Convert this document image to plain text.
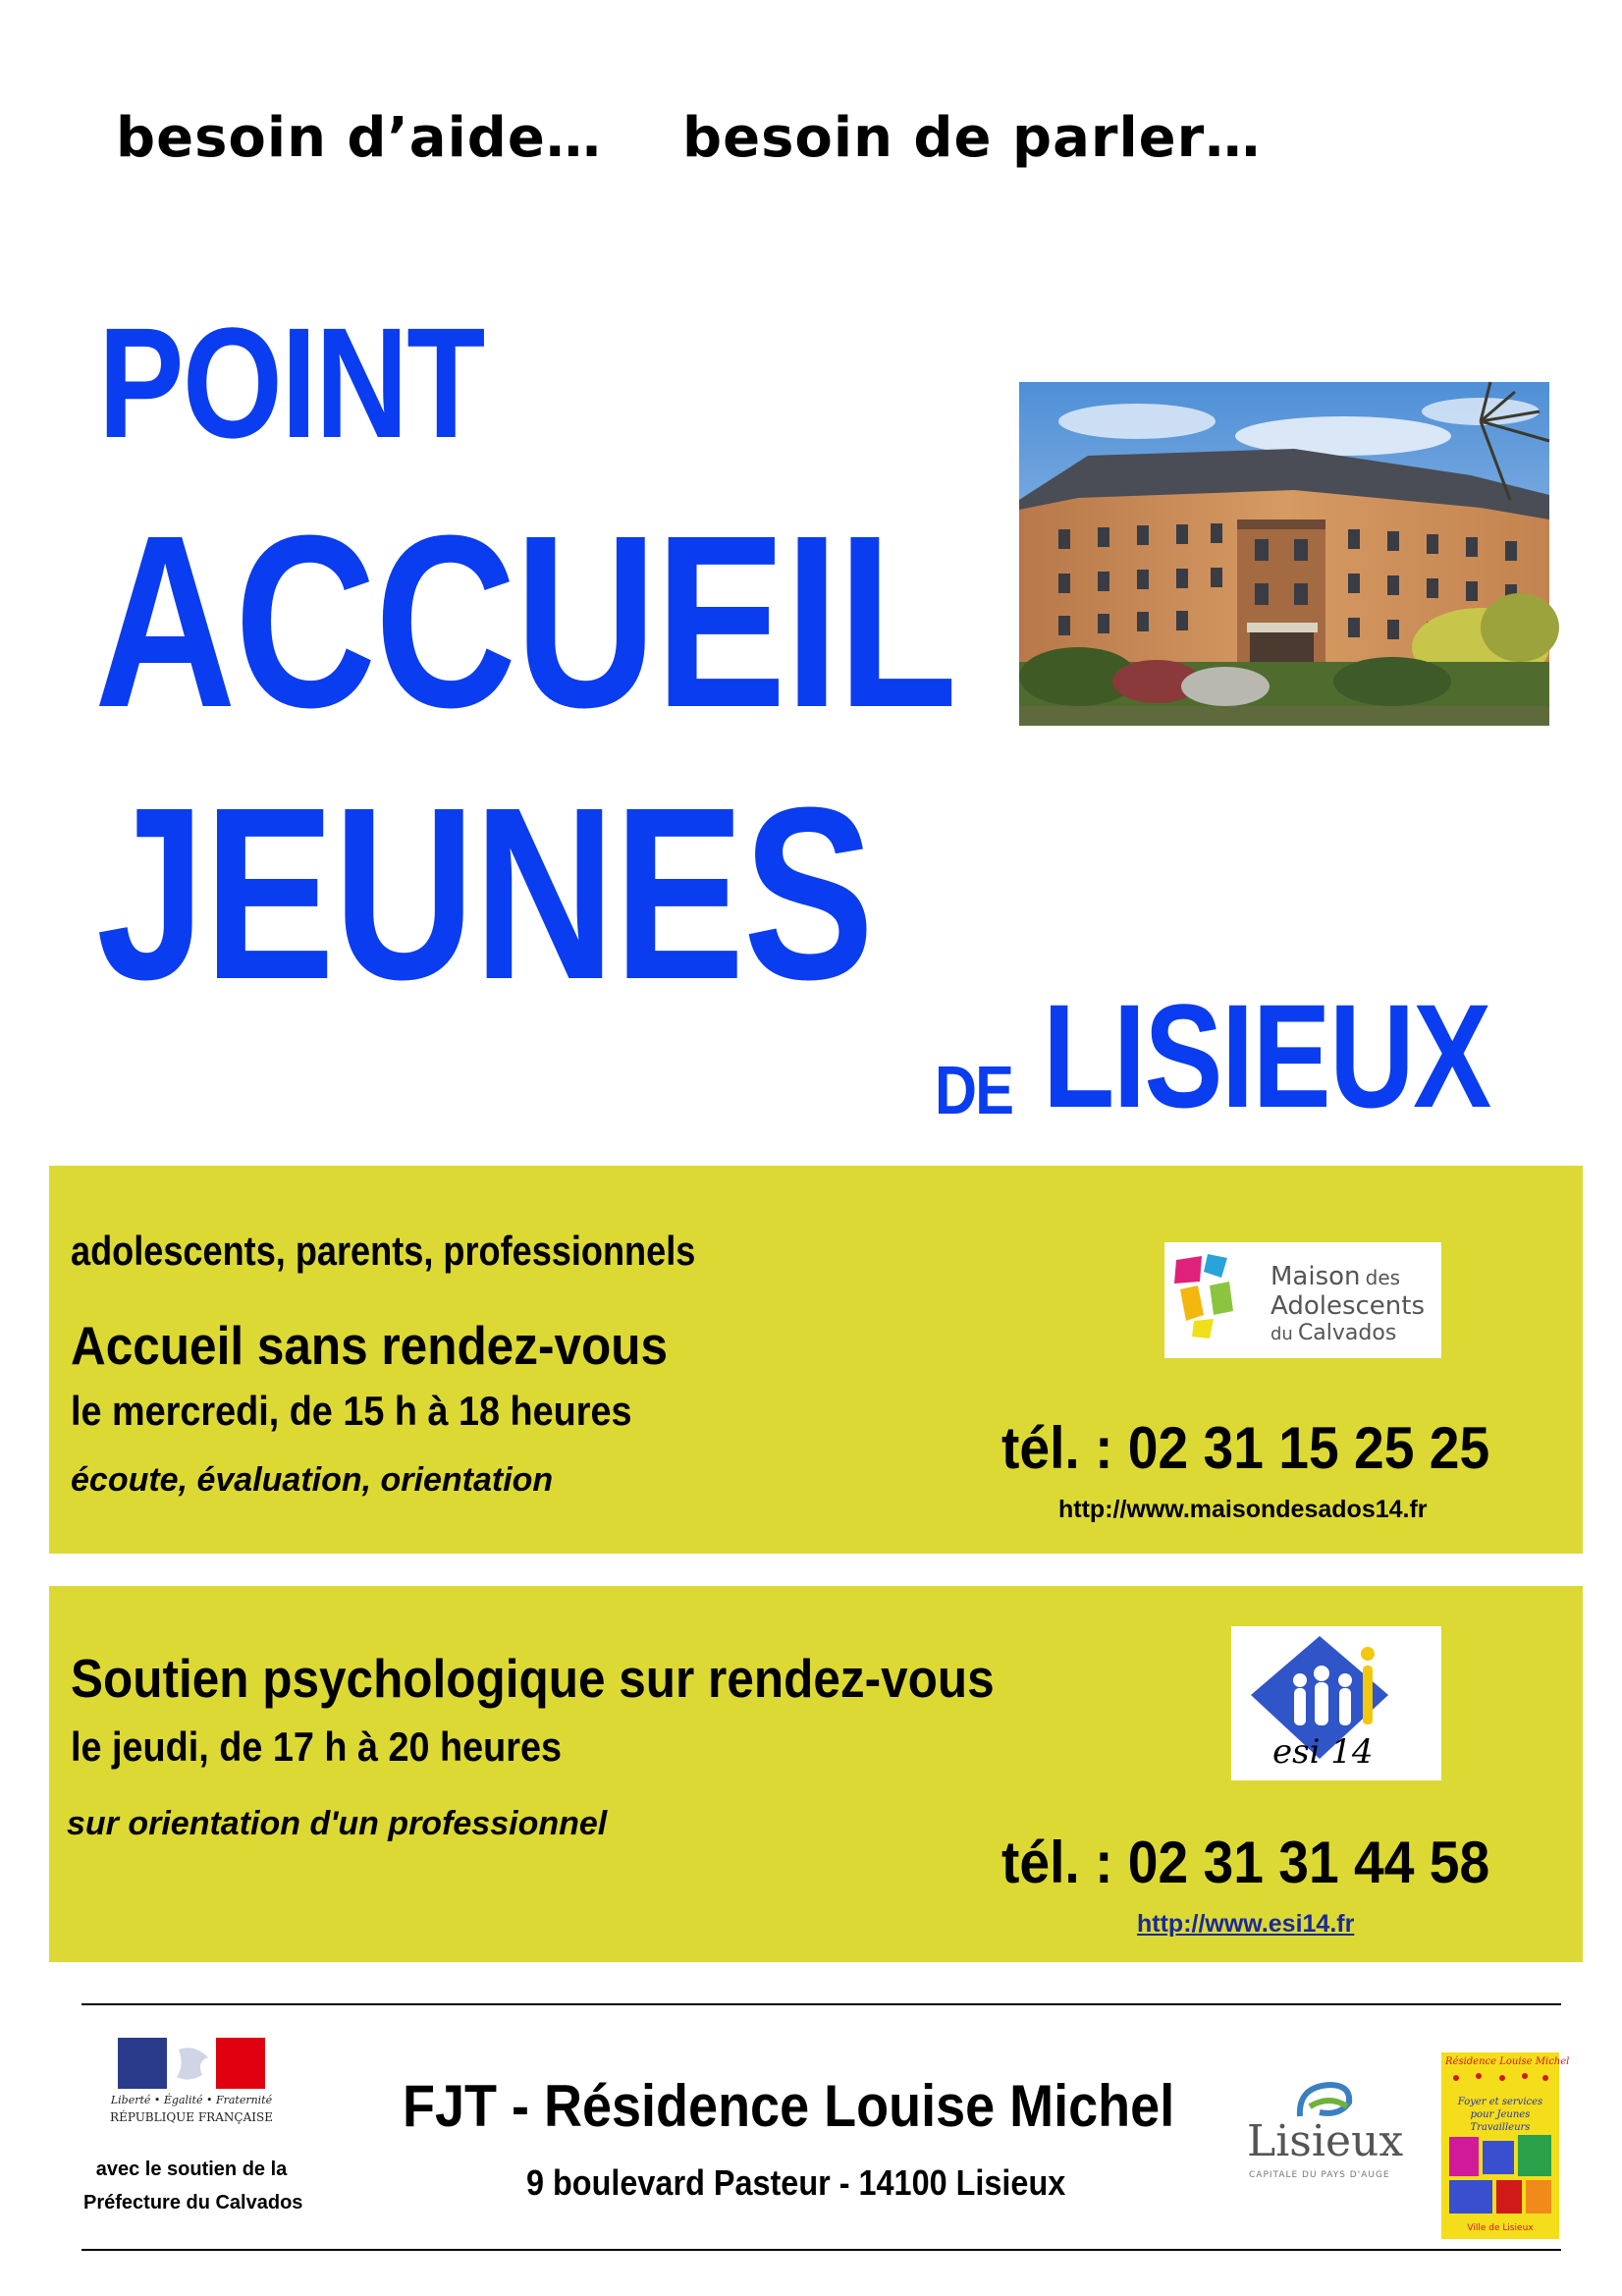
besoin d’aide… besoin de parler…
POINT
ACCUEIL
JEUNES
DE LISIEUX
adolescents, parents, professionnels
Accueil sans rendez-vous
le mercredi, de 15 h à 18 heures
écoute, évaluation, orientation	tél. : 02 31 15 25 25
http://www.maisondesados14.fr
Maison des
Adolescents
du Calvados
Soutien psychologique sur rendez-vous
le jeudi, de 17 h à 20 heures
sur orientation d'un professionnel
tél. : 02 31 31 44 58
http://www.esi14.fr
esi 14
Liberté • Égalité • Fraternité
RÉPUBLIQUE FRANÇAISE
avec le soutien de la
Préfecture du Calvados
FJT - Résidence Louise Michel
9 boulevard Pasteur - 14100 Lisieux
Lisieux
CAPITALE DU PAYS D'AUGE
Résidence Louise Michel
Foyer et services pour Jeunes Travailleurs
Ville de Lisieux
